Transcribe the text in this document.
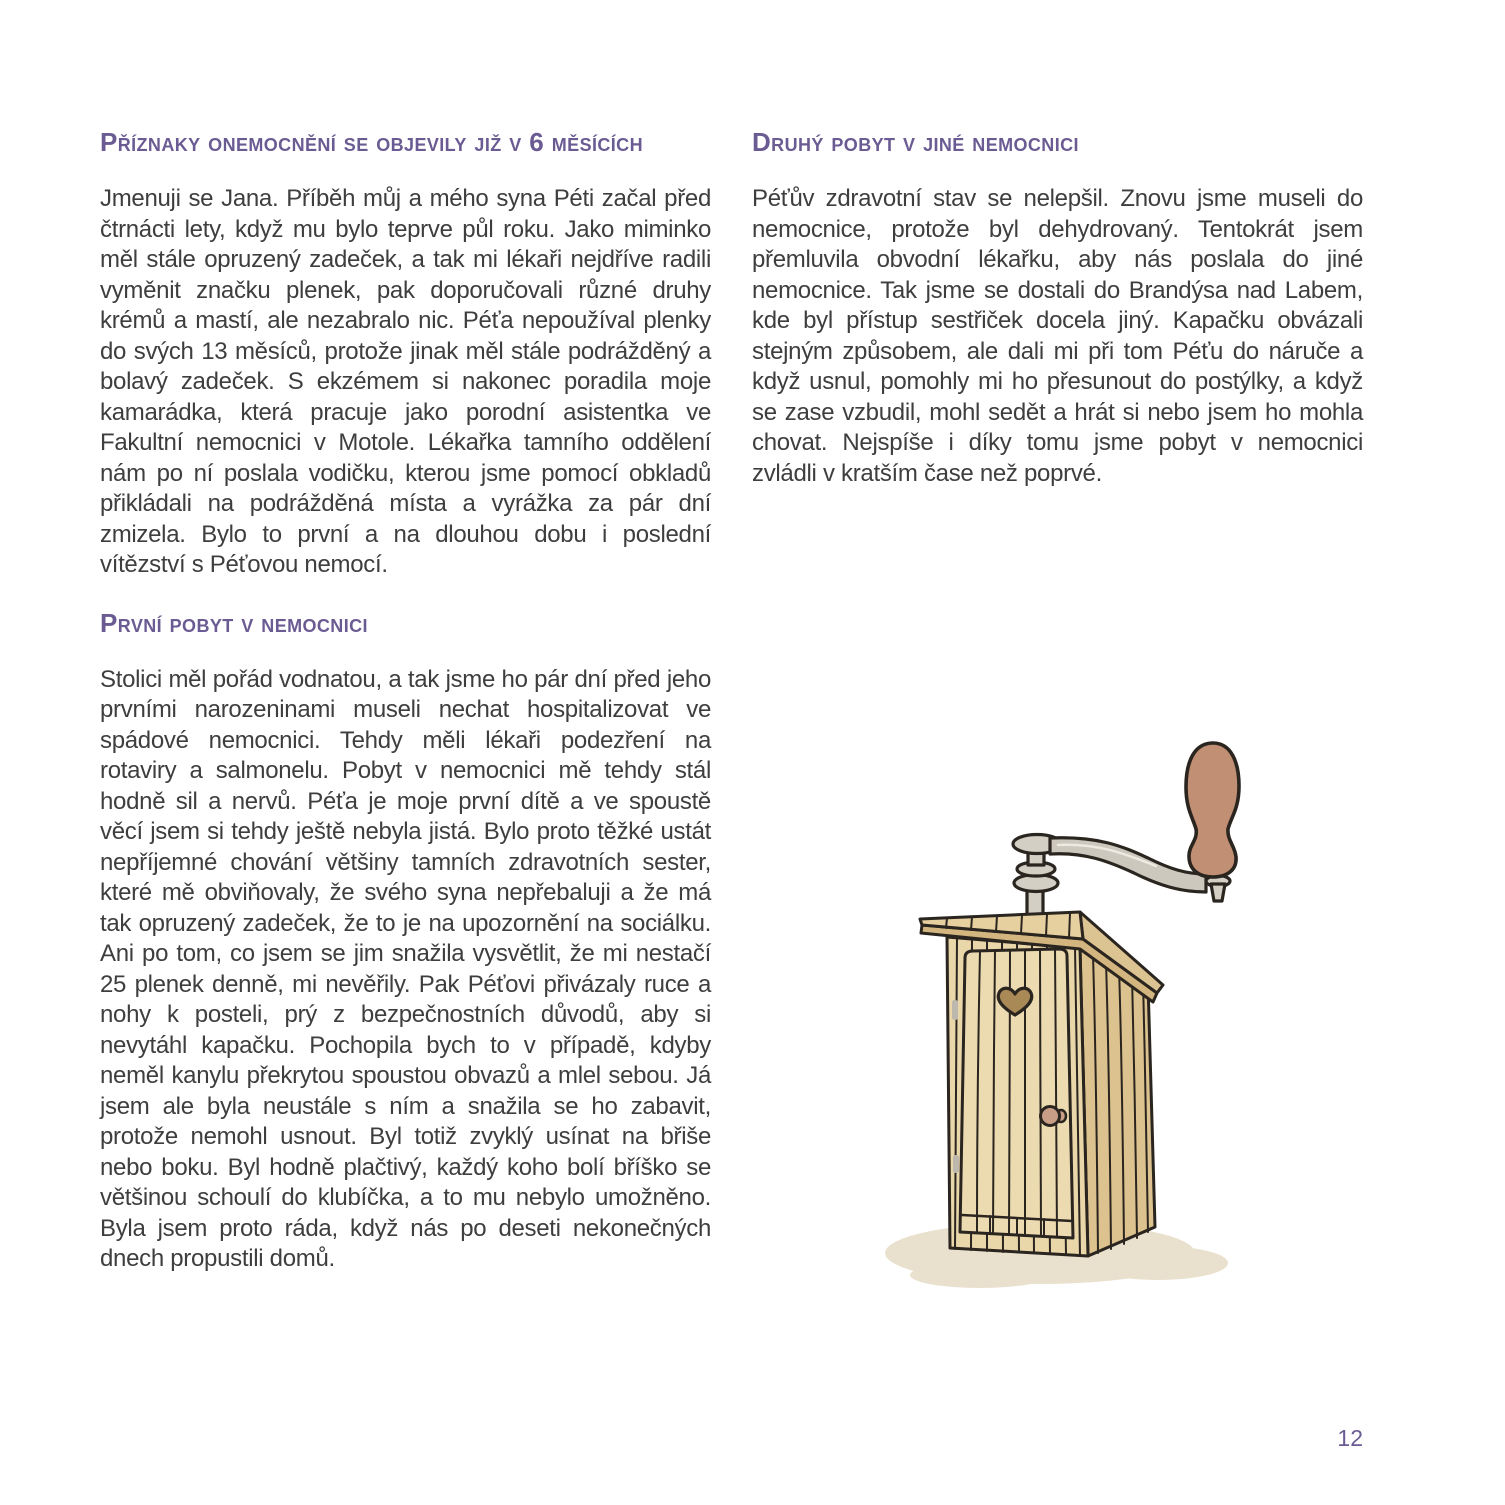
Příznaky onemocnění se objevily již v 6 měsících

Jmenuji se Jana. Příběh můj a mého syna Péti začal před čtrnácti lety, když mu bylo teprve půl roku. Jako miminko měl stále opruzený zadeček, a tak mi lékaři nejdříve radili vyměnit značku plenek, pak doporučovali různé druhy krémů a mastí, ale nezabralo nic. Péťa nepoužíval plenky do svých 13 měsíců, protože jinak měl stále podrážděný a bolavý zadeček. S ekzémem si nakonec poradila moje kamarádka, která pracuje jako porodní asistentka ve Fakultní nemocnici v Motole. Lékařka tamního oddělení nám po ní poslala vodičku, kterou jsme pomocí obkladů přikládali na podrážděná místa a vyrážka za pár dní zmizela. Bylo to první a na dlouhou dobu i poslední vítězství s Péťovou nemocí.

První pobyt v nemocnici

Stolici měl pořád vodnatou, a tak jsme ho pár dní před jeho prvními narozeninami museli nechat hospitalizovat ve spádové nemocnici. Tehdy měli lékaři podezření na rotaviry a salmonelu. Pobyt v nemocnici mě tehdy stál hodně sil a nervů. Péťa je moje první dítě a ve spoustě věcí jsem si tehdy ještě nebyla jistá. Bylo proto těžké ustát nepříjemné chování většiny tamních zdravotních sester, které mě obviňovaly, že svého syna nepřebaluji a že má tak opruzený zadeček, že to je na upozornění na sociálku. Ani po tom, co jsem se jim snažila vysvětlit, že mi nestačí 25 plenek denně, mi nevěřily. Pak Péťovi přivázaly ruce a nohy k posteli, prý z bezpečnostních důvodů, aby si nevytáhl kapačku. Pochopila bych to v případě, kdyby neměl kanylu překrytou spoustou obvazů a mlel sebou. Já jsem ale byla neustále s ním a snažila se ho zabavit, protože nemohl usnout. Byl totiž zvyklý usínat na břiše nebo boku. Byl hodně plačtivý, každý koho bolí bříško se většinou schoulí do klubíčka, a to mu nebylo umožněno. Byla jsem proto ráda, když nás po deseti nekonečných dnech propustili domů.

Druhý pobyt v jiné nemocnici

Péťův zdravotní stav se nelepšil. Znovu jsme museli do nemocnice, protože byl dehydrovaný. Tentokrát jsem přemluvila obvodní lékařku, aby nás poslala do jiné nemocnice. Tak jsme se dostali do Brandýsa nad Labem, kde byl přístup sestřiček docela jiný. Kapačku obvázali stejným způsobem, ale dali mi při tom Péťu do náruče a když usnul, pomohly mi ho přesunout do postýlky, a když se zase vzbudil, mohl sedět a hrát si nebo jsem ho mohla chovat. Nejspíše i díky tomu jsme pobyt v nemocnici zvládli v kratším čase než poprvé.

12
